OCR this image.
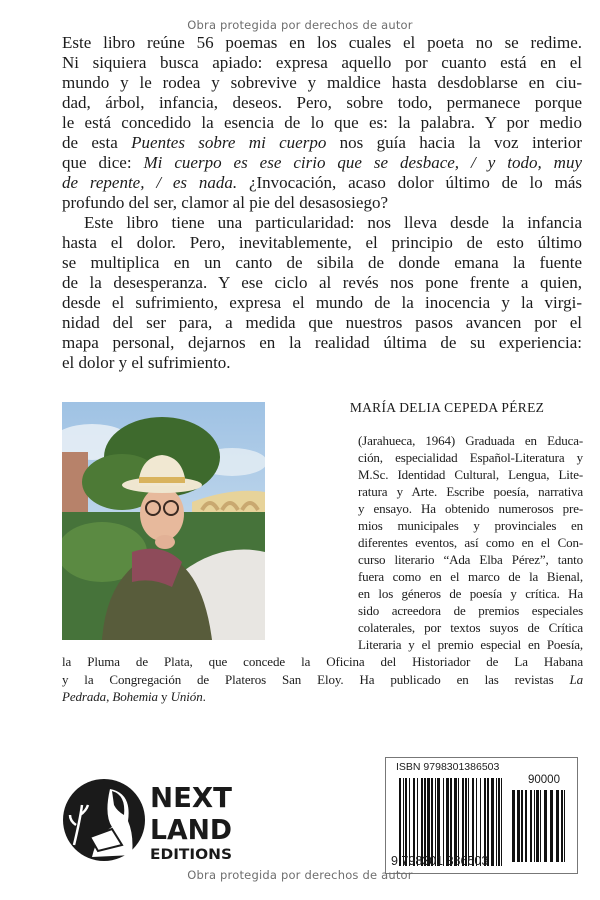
Obra protegida por derechos de autor
Este libro reúne 56 poemas en los cuales el poeta no se redime.
Ni siquiera busca apiado: expresa aquello por cuanto está en el
mundo y le rodea y sobrevive y maldice hasta desdoblarse en ciu-
dad, árbol, infancia, deseos. Pero, sobre todo, permanece porque
le está concedido la esencia de lo que es: la palabra. Y por medio
de esta Puentes sobre mi cuerpo nos guía hacia la voz interior
que dice: Mi cuerpo es ese cirio que se desbace, / y todo, muy
de repente, / es nada. ¿Invocación, acaso dolor último de lo más
profundo del ser, clamor al pie del desasosiego?
Este libro tiene una particularidad: nos lleva desde la infancia
hasta el dolor. Pero, inevitablemente, el principio de esto último
se multiplica en un canto de sibila de donde emana la fuente
de la desesperanza. Y ese ciclo al revés nos pone frente a quien,
desde el sufrimiento, expresa el mundo de la inocencia y la virgi-
nidad del ser para, a medida que nuestros pasos avancen por el
mapa personal, dejarnos en la realidad última de su experiencia:
el dolor y el sufrimiento.
MARÍA DELIA CEPEDA PÉREZ
(Jarahueca, 1964) Graduada en Educa-
ción, especialidad Español-Literatura y
M.Sc. Identidad Cultural, Lengua, Lite-
ratura y Arte. Escribe poesía, narrativa
y ensayo. Ha obtenido numerosos pre-
mios municipales y provinciales en
diferentes eventos, así como en el Con-
curso literario “Ada Elba Pérez”, tanto
fuera como en el marco de la Bienal,
en los géneros de poesía y crítica. Ha
sido acreedora de premios especiales
colaterales, por textos suyos de Crítica
Literaria y el premio especial en Poesía,
la Pluma de Plata, que concede la Oficina del Historiador de La Habana
y la Congregación de Plateros San Eloy. Ha publicado en las revistas La
Pedrada, Bohemia y Unión.
NEXT
LAND
EDITIONS
ISBN 9798301386503
90000
9 798301 386503
Obra protegida por derechos de autor
